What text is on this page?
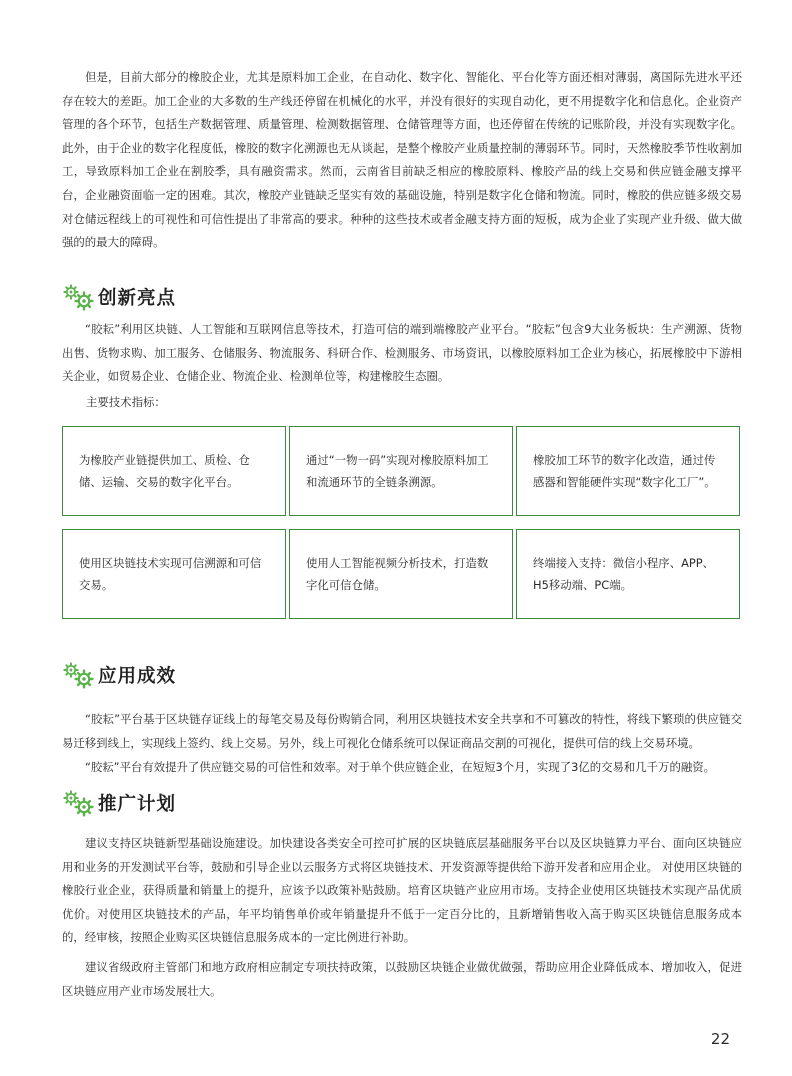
但是，目前大部分的橡胶企业，尤其是原料加工企业，在自动化、数字化、智能化、平台化等方面还相对薄弱，离国际先进水平还存在较大的差距。加工企业的大多数的生产线还停留在机械化的水平，并没有很好的实现自动化，更不用提数字化和信息化。企业资产管理的各个环节，包括生产数据管理、质量管理、检测数据管理、仓储管理等方面，也还停留在传统的记账阶段，并没有实现数字化。此外，由于企业的数字化程度低，橡胶的数字化溯源也无从谈起，是整个橡胶产业质量控制的薄弱环节。同时，天然橡胶季节性收割加工，导致原料加工企业在割胶季，具有融资需求。然而，云南省目前缺乏相应的橡胶原料、橡胶产品的线上交易和供应链金融支撑平台，企业融资面临一定的困难。其次，橡胶产业链缺乏坚实有效的基础设施，特别是数字化仓储和物流。同时，橡胶的供应链多级交易对仓储远程线上的可视性和可信性提出了非常高的要求。种种的这些技术或者金融支持方面的短板，成为企业了实现产业升级、做大做强的的最大的障碍。

创新亮点

“胶耘”利用区块链、人工智能和互联网信息等技术，打造可信的端到端橡胶产业平台。“胶耘”包含9大业务板块：生产溯源、货物出售、货物求购、加工服务、仓储服务、物流服务、科研合作、检测服务、市场资讯，以橡胶原料加工企业为核心，拓展橡胶中下游相关企业，如贸易企业、仓储企业、物流企业、检测单位等，构建橡胶生态圈。

主要技术指标：

为橡胶产业链提供加工、质检、仓储、运输、交易的数字化平台。
通过“一物一码”实现对橡胶原料加工和流通环节的全链条溯源。
橡胶加工环节的数字化改造，通过传感器和智能硬件实现“数字化工厂”。
使用区块链技术实现可信溯源和可信交易。
使用人工智能视频分析技术，打造数字化可信仓储。
终端接入支持：微信小程序、APP、H5移动端、PC端。
应用成效

“胶耘”平台基于区块链存证线上的每笔交易及每份购销合同，利用区块链技术安全共享和不可篡改的特性，将线下繁琐的供应链交易迁移到线上，实现线上签约、线上交易。另外，线上可视化仓储系统可以保证商品交割的可视化，提供可信的线上交易环境。

“胶耘”平台有效提升了供应链交易的可信性和效率。对于单个供应链企业，在短短3个月，实现了3亿的交易和几千万的融资。

推广计划

建议支持区块链新型基础设施建设。加快建设各类安全可控可扩展的区块链底层基础服务平台以及区块链算力平台、面向区块链应用和业务的开发测试平台等，鼓励和引导企业以云服务方式将区块链技术、开发资源等提供给下游开发者和应用企业。 对使用区块链的橡胶行业企业，获得质量和销量上的提升，应该予以政策补贴鼓励。培育区块链产业应用市场。支持企业使用区块链技术实现产品优质优价。对使用区块链技术的产品，年平均销售单价或年销量提升不低于一定百分比的，且新增销售收入高于购买区块链信息服务成本的，经审核，按照企业购买区块链信息服务成本的一定比例进行补助。

建议省级政府主管部门和地方政府相应制定专项扶持政策，以鼓励区块链企业做优做强，帮助应用企业降低成本、增加收入，促进区块链应用产业市场发展壮大。

22
